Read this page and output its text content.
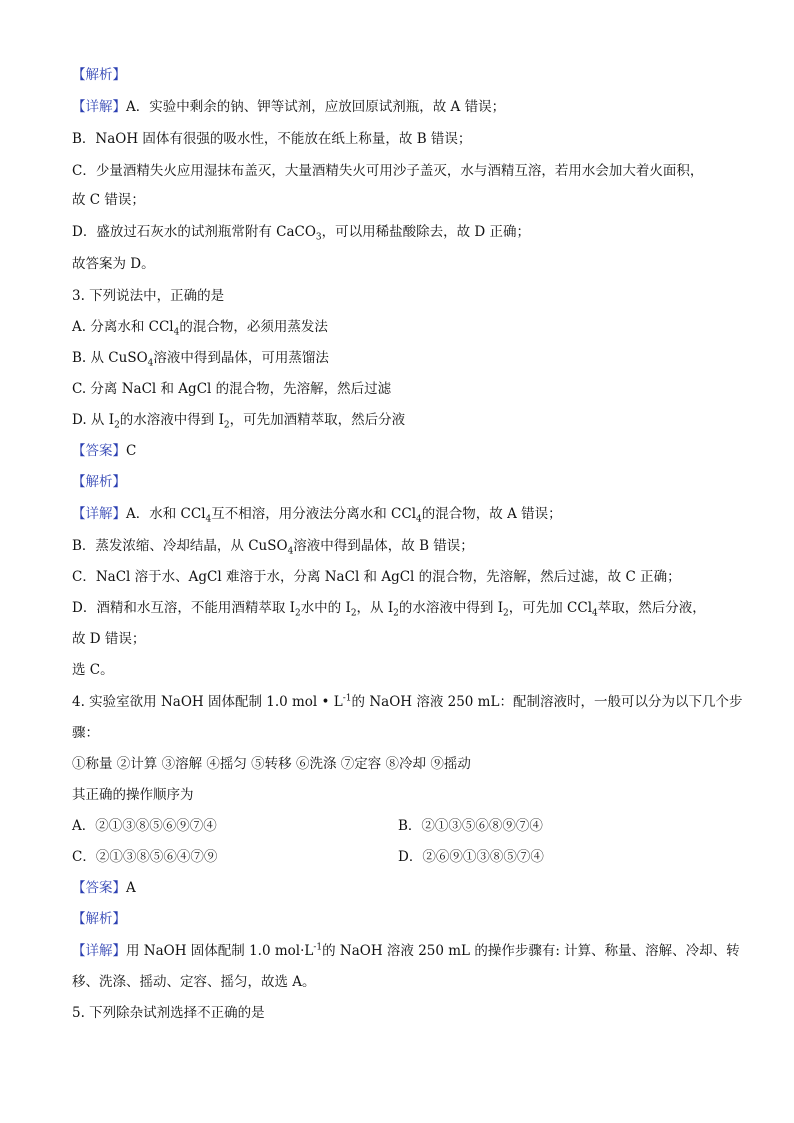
【解析】
【详解】A．实验中剩余的钠、钾等试剂，应放回原试剂瓶，故 A 错误；
B．NaOH 固体有很强的吸水性，不能放在纸上称量，故 B 错误；
C．少量酒精失火应用湿抹布盖灭，大量酒精失火可用沙子盖灭，水与酒精互溶，若用水会加大着火面积，
故 C 错误；
D．盛放过石灰水的试剂瓶常附有 CaCO$_3$，可以用稀盐酸除去，故 D 正确；
故答案为 D。
3. 下列说法中，正确的是
A. 分离水和 CCl$_4$的混合物，必须用蒸发法
B. 从 CuSO$_4$溶液中得到晶体，可用蒸馏法
C. 分离 NaCl 和 AgCl 的混合物，先溶解，然后过滤
D. 从 $I_2$的水溶液中得到 $I_2$，可先加酒精萃取，然后分液
【答案】C
【解析】
【详解】A．水和 CCl$_4$互不相溶，用分液法分离水和 CCl$_4$的混合物，故 A 错误；
B．蒸发浓缩、冷却结晶，从 CuSO$_4$溶液中得到晶体，故 B 错误；
C．NaCl 溶于水、AgCl 难溶于水，分离 NaCl 和 AgCl 的混合物，先溶解，然后过滤，故 C 正确；
D．酒精和水互溶，不能用酒精萃取 $I_2$水中的 $I_2$，从 $I_2$的水溶液中得到 $I_2$，可先加 CCl$_4$萃取，然后分液，
故 D 错误；
选 C。
4. 实验室欲用 NaOH 固体配制 1.0 mol • $L^{-1}$的 NaOH 溶液 250 mL：配制溶液时，一般可以分为以下几个步
骤：
①称量 ②计算 ③溶解 ④摇匀 ⑤转移 ⑥洗涤 ⑦定容 ⑧冷却 ⑨摇动
其正确的操作顺序为
A．②①③⑧⑤⑥⑨⑦④	B．②①③⑤⑥⑧⑨⑦④
C．②①③⑧⑤⑥④⑦⑨	D．②⑥⑨①③⑧⑤⑦④
【答案】A
【解析】
【详解】用 NaOH 固体配制 1.0 $mol\cdot L^{-1}$的 NaOH 溶液 250 mL 的操作步骤有: 计算、称量、溶解、冷却、转
移、洗涤、摇动、定容、摇匀，故选 A。
5. 下列除杂试剂选择不正确的是
